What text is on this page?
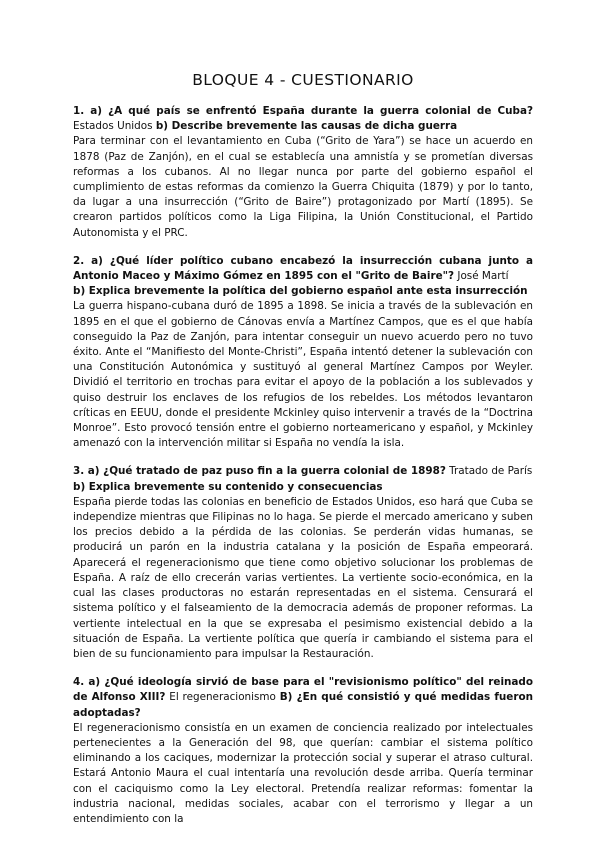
BLOQUE 4 - CUESTIONARIO

1. a) ¿A qué país se enfrentó España durante la guerra colonial de Cuba? Estados Unidos b) Describe brevemente las causas de dicha guerra

Para terminar con el levantamiento en Cuba (“Grito de Yara”) se hace un acuerdo en 1878 (Paz de Zanjón), en el cual se establecía una amnistía y se prometían diversas reformas a los cubanos. Al no llegar nunca por parte del gobierno español el cumplimiento de estas reformas da comienzo la Guerra Chiquita (1879) y por lo tanto, da lugar a una insurrección (“Grito de Baire”) protagonizado por Martí (1895). Se crearon partidos políticos como la Liga Filipina, la Unión Constitucional, el Partido Autonomista y el PRC.

2. a) ¿Qué líder político cubano encabezó la insurrección cubana junto a Antonio Maceo y Máximo Gómez en 1895 con el "Grito de Baire"? José Martí

b) Explica brevemente la política del gobierno español ante esta insurrección

La guerra hispano-cubana duró de 1895 a 1898. Se inicia a través de la sublevación en 1895 en el que el gobierno de Cánovas envía a Martínez Campos, que es el que había conseguido la Paz de Zanjón, para intentar conseguir un nuevo acuerdo pero no tuvo éxito. Ante el “Manifiesto del Monte-Christi”, España intentó detener la sublevación con una Constitución Autonómica y sustituyó al general Martínez Campos por Weyler. Dividió el territorio en trochas para evitar el apoyo de la población a los sublevados y quiso destruir los enclaves de los refugios de los rebeldes. Los métodos levantaron críticas en EEUU, donde el presidente Mckinley quiso intervenir a través de la “Doctrina Monroe”. Esto provocó tensión entre el gobierno norteamericano y español, y Mckinley amenazó con la intervención militar si España no vendía la isla.

3. a) ¿Qué tratado de paz puso fin a la guerra colonial de 1898? Tratado de París

b) Explica brevemente su contenido y consecuencias

España pierde todas las colonias en beneficio de Estados Unidos, eso hará que Cuba se independize mientras que Filipinas no lo haga. Se pierde el mercado americano y suben los precios debido a la pérdida de las colonias. Se perderán vidas humanas, se producirá un parón en la industria catalana y la posición de España empeorará. Aparecerá el regeneracionismo que tiene como objetivo solucionar los problemas de España. A raíz de ello crecerán varias vertientes. La vertiente socio-económica, en la cual las clases productoras no estarán representadas en el sistema. Censurará el sistema político y el falseamiento de la democracia además de proponer reformas. La vertiente intelectual en la que se expresaba el pesimismo existencial debido a la situación de España. La vertiente política que quería ir cambiando el sistema para el bien de su funcionamiento para impulsar la Restauración.

4. a) ¿Qué ideología sirvió de base para el "revisionismo político" del reinado de Alfonso XIII? El regeneracionismo B) ¿En qué consistió y qué medidas fueron adoptadas?

El regeneracionismo consistía en un examen de conciencia realizado por intelectuales pertenecientes a la Generación del 98, que querían: cambiar el sistema político eliminando a los caciques, modernizar la protección social y superar el atraso cultural. Estará Antonio Maura el cual intentaría una revolución desde arriba. Quería terminar con el caciquismo como la Ley electoral. Pretendía realizar reformas: fomentar la industria nacional, medidas sociales, acabar con el terrorismo y llegar a un entendimiento con la
